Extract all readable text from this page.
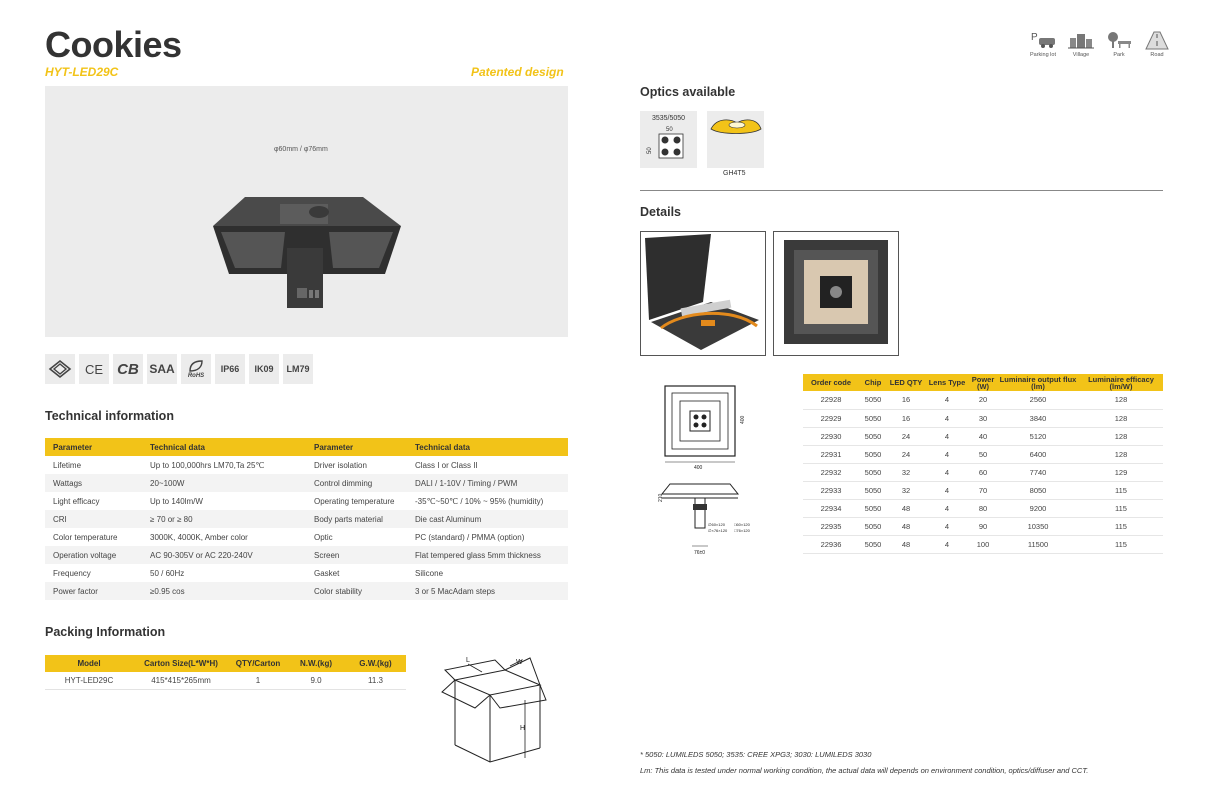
Cookies
HYT-LED29C	Patented design
φ60mm / φ76mm
CE CB SAA	RoHS
IP66	IK09	LM79
Technical information
Parameter	Technical data	Parameter	Technical data
Lifetime	Up to 100,000hrs LM70,Ta 25℃	Driver isolation	Class I or Class II
Wattags	20~100W	Control dimming	DALI / 1-10V / Timing / PWM
Light efficacy	Up to 140lm/W	Operating temperature	-35℃~50℃ / 10% ~ 95% (humidity)
CRI	≥ 70 or ≥ 80	Body parts material	Die cast Aluminum
Color temperature	3000K, 4000K, Amber color	Optic	PC (standard) / PMMA (option)
Operation voltage	AC 90-305V or AC 220-240V	Screen	Flat tempered glass 5mm thickness
Frequency	50 / 60Hz	Gasket	Silicone
Power factor	≥0.95 cos	Color stability	3 or 5 MacAdam steps
Packing Information
Model	Carton Size(L*W*H)	QTY/Carton	N.W.(kg)	G.W.(kg)
HYT-LED29C	415*415*265mm	1	9.0	11.3
L	W
H
P
Parking lot	Village	Park	Road
Optics available
3535/5050
50
50
GH4T5
Details
400
400
210
76±0
∅60×120
∅×76×120
□60×120
□76×120
Order code	Chip	LED QTY	Lens Type	Power (W)	Luminaire output flux (lm)	Luminaire efficacy (lm/W)
22928	5050	16	4	20	2560	128
22929	5050	16	4	30	3840	128
22930	5050	24	4	40	5120	128
22931	5050	24	4	50	6400	128
22932	5050	32	4	60	7740	129
22933	5050	32	4	70	8050	115
22934	5050	48	4	80	9200	115
22935	5050	48	4	90	10350	115
22936	5050	48	4	100	11500	115
* 5050: LUMILEDS 5050; 3535: CREE XPG3; 3030: LUMILEDS 3030
Lm: This data is tested under normal working condition, the actual data will depends on environment condition, optics/diffuser and CCT.
